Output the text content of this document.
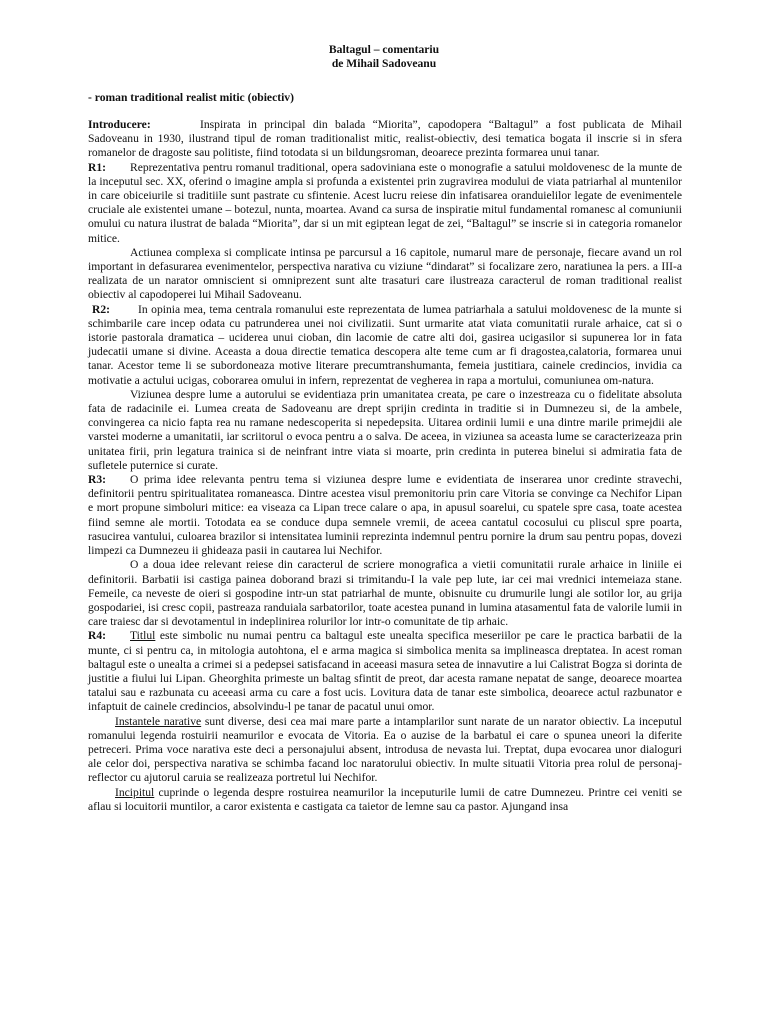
Baltagul – comentariu
de Mihail Sadoveanu
- roman traditional realist mitic (obiectiv)

Introducere:	Inspirata in principal din balada “Miorita”, capodopera “Baltagul” a fost publicata de Mihail Sadoveanu in 1930, ilustrand tipul de roman traditionalist mitic, realist-obiectiv, desi tematica bogata il inscrie si in sfera romanelor de dragoste sau politiste, fiind totodata si un bildungsroman, deoarece prezinta formarea unui tanar.

R1: Reprezentativa pentru romanul traditional, opera sadoviniana este o monografie a satului moldovenesc de la munte de la inceputul sec. XX, oferind o imagine ampla si profunda a existentei prin zugravirea modului de viata patriarhal al muntenilor in care obiceiurile si traditiile sunt pastrate cu sfintenie. Acest lucru reiese din infatisarea oranduielilor legate de evenimentele cruciale ale existentei umane – botezul, nunta, moartea. Avand ca sursa de inspiratie mitul fundamental romanesc al comuniunii omului cu natura ilustrat de balada “Miorita”, dar si un mit egiptean legat de zei, “Baltagul” se inscrie si in categoria romanelor mitice.

Actiunea complexa si complicate intinsa pe parcursul a 16 capitole, numarul mare de personaje, fiecare avand un rol important in defasurarea evenimentelor, perspectiva narativa cu viziune “dindarat” si focalizare zero, naratiunea la pers. a III-a realizata de un narator omniscient si omniprezent sunt alte trasaturi care ilustreaza caracterul de roman traditional realist obiectiv al capodoperei lui Mihail Sadoveanu.

R2: In opinia mea, tema centrala romanului este reprezentata de lumea patriarhala a satului moldovenesc de la munte si schimbarile care incep odata cu patrunderea unei noi civilizatii. Sunt urmarite atat viata comunitatii rurale arhaice, cat si o istorie pastorala dramatica – uciderea unui cioban, din lacomie de catre alti doi, gasirea ucigasilor si supunerea lor in fata judecatii umane si divine. Aceasta a doua directie tematica descopera alte teme cum ar fi dragostea,calatoria, formarea unui tanar. Acestor teme li se subordoneaza motive literare precumtranshumanta, femeia justitiara, cainele credincios, invidia ca motivatie a actului ucigas, coborarea omului in infern, reprezentat de vegherea in rapa a mortului, comuniunea om-natura.

Viziunea despre lume a autorului se evidentiaza prin umanitatea creata, pe care o inzestreaza cu o fidelitate absoluta fata de radacinile ei. Lumea creata de Sadoveanu are drept sprijin credinta in traditie si in Dumnezeu si, de la ambele, convingerea ca nicio fapta rea nu ramane nedescoperita si nepedepsita. Uitarea ordinii lumii e una dintre marile primejdii ale varstei moderne a umanitatii, iar scriitorul o evoca pentru a o salva. De aceea, in viziunea sa aceasta lume se caracterizeaza prin unitatea firii, prin legatura trainica si de neinfrant intre viata si moarte, prin credinta in puterea binelui si admiratia fata de sufletele puternice si curate.

R3: O prima idee relevanta pentru tema si viziunea despre lume e evidentiata de inserarea unor credinte stravechi, definitorii pentru spiritualitatea romaneasca. Dintre acestea visul premonitoriu prin care Vitoria se convinge ca Nechifor Lipan e mort propune simboluri mitice: ea viseaza ca Lipan trece calare o apa, in apusul soarelui, cu spatele spre casa, toate acestea fiind semne ale mortii. Totodata ea se conduce dupa semnele vremii, de aceea cantatul cocosului cu pliscul spre poarta, rasucirea vantului, culoarea brazilor si intensitatea luminii reprezinta indemnul pentru pornire la drum sau pentru popas, dovezi limpezi ca Dumnezeu ii ghideaza pasii in cautarea lui Nechifor.

O a doua idee relevant reiese din caracterul de scriere monografica a vietii comunitatii rurale arhaice in liniile ei definitorii. Barbatii isi castiga painea doborand brazi si trimitandu-I la vale pep lute, iar cei mai vrednici intemeiaza stane. Femeile, ca neveste de oieri si gospodine intr-un stat patriarhal de munte, obisnuite cu drumurile lungi ale sotilor lor, au grija gospodariei, isi cresc copii, pastreaza randuiala sarbatorilor, toate acestea punand in lumina atasamentul fata de valorile lumii in care traiesc dar si devotamentul in indeplinirea rolurilor lor intr-o comunitate de tip arhaic.

R4: Titlul este simbolic nu numai pentru ca baltagul este unealta specifica meseriilor pe care le practica barbatii de la munte, ci si pentru ca, in mitologia autohtona, el e arma magica si simbolica menita sa implineasca dreptatea. In acest roman baltagul este o unealta a crimei si a pedepsei satisfacand in aceeasi masura setea de innavutire a lui Calistrat Bogza si dorinta de justitie a fiului lui Lipan. Gheorghita primeste un baltag sfintit de preot, dar acesta ramane nepatat de sange, deoarece moartea tatalui sau e razbunata cu aceeasi arma cu care a fost ucis. Lovitura data de tanar este simbolica, deoarece actul razbunator e infaptuit de cainele credincios, absolvindu-l pe tanar de pacatul unui omor.

Instantele narative sunt diverse, desi cea mai mare parte a intamplarilor sunt narate de un narator obiectiv. La inceputul romanului legenda rostuirii neamurilor e evocata de Vitoria. Ea o auzise de la barbatul ei care o spunea uneori la diferite petreceri. Prima voce narativa este deci a personajului absent, introdusa de nevasta lui. Treptat, dupa evocarea unor dialoguri ale celor doi, perspectiva narativa se schimba facand loc naratorului obiectiv. In multe situatii Vitoria prea rolul de personaj-reflector cu ajutorul caruia se realizeaza portretul lui Nechifor.

Incipitul cuprinde o legenda despre rostuirea neamurilor la inceputurile lumii de catre Dumnezeu. Printre cei veniti se aflau si locuitorii muntilor, a caror existenta e castigata ca taietor de lemne sau ca pastor. Ajungand insa
